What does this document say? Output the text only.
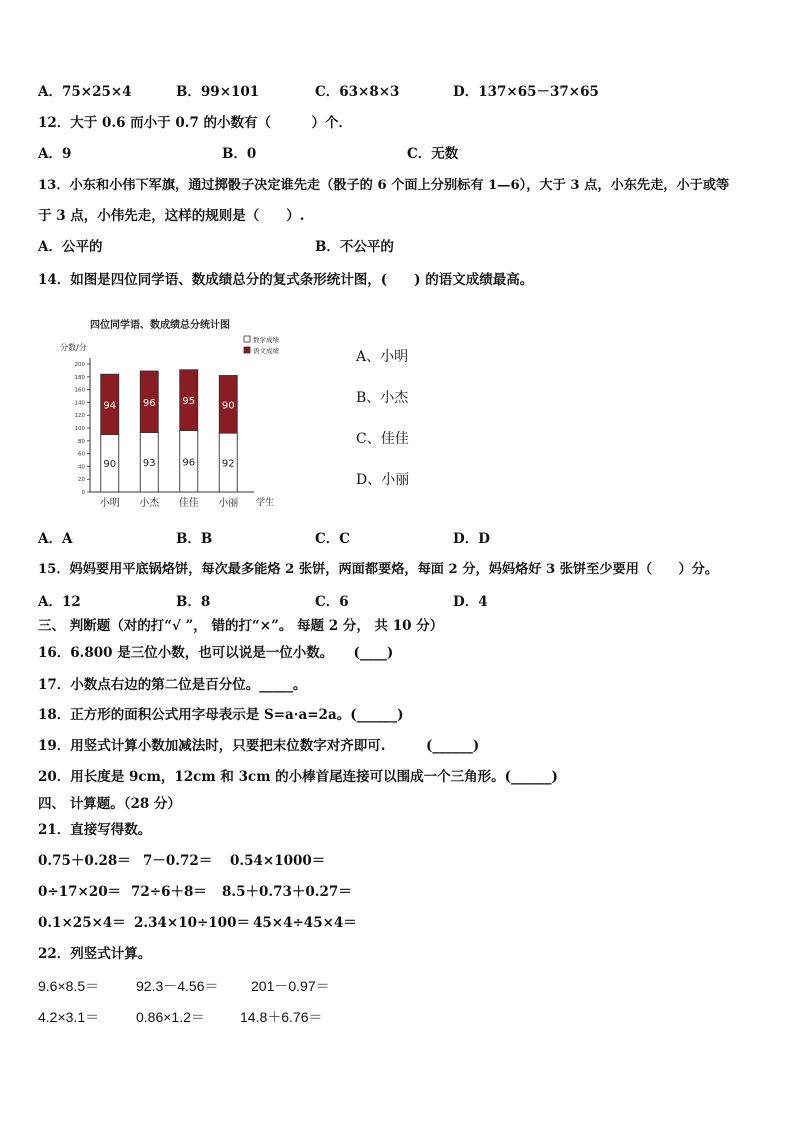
A．75×25×4	B．99×101	C．63×8×3	D．137×65－37×65
12．大于 0.6 而小于 0.7 的小数有（　　　）个．
A．9	B．0	C．无数
13．小东和小伟下军旗，通过掷骰子决定谁先走（骰子的 6 个面上分别标有 1—6），大于 3 点，小东先走，小于或等
于 3 点，小伟先走，这样的规则是（　　）.
A．公平的	B．不公平的
14．如图是四位同学语、数成绩总分的复式条形统计图，(　　) 的语文成绩最高。
四位同学语、数成绩总分统计图
分数/分
学生
0
20
40
60
80
100
120
140
160
180
200
90
94
小明
93
96
小杰
96
95
佳佳
92
90
小丽
数学成绩
语文成绩	A、小明
B、小杰
C、佳佳
D、小丽
A．A	B．B	C．C	D．D
15．妈妈要用平底锅烙饼，每次最多能烙 2 张饼，两面都要烙，每面 2 分，妈妈烙好 3 张饼至少要用（　　）分。
A．12	B．8	C．6	D．4
三、 判断题（对的打“√ ”， 错的打“×”。 每题 2 分， 共 10 分）
16．6.800 是三位小数，也可以说是一位小数。　　(____)
17．小数点右边的第二位是百分位。_____。
18．正方形的面积公式用字母表示是 S=a·a=2a。(______)
19．用竖式计算小数加减法时，只要把末位数字对齐即可.　　　(______)
20．用长度是 9cm，12cm 和 3cm 的小棒首尾连接可以围成一个三角形。(______)
四、 计算题。（28 分）
21．直接写得数。
0.75＋0.28＝ 7－0.72＝ 0.54×1000＝
0÷17×20＝ 72÷6＋8＝ 8.5＋0.73＋0.27＝
0.1×25×4＝ 2.34×10÷100＝ 45×4÷45×4＝
22．列竖式计算。
9.6×8.5＝	92.3－4.56＝ 201－0.97＝
4.2×3.1＝	0.86×1.2＝	14.8＋6.76＝
